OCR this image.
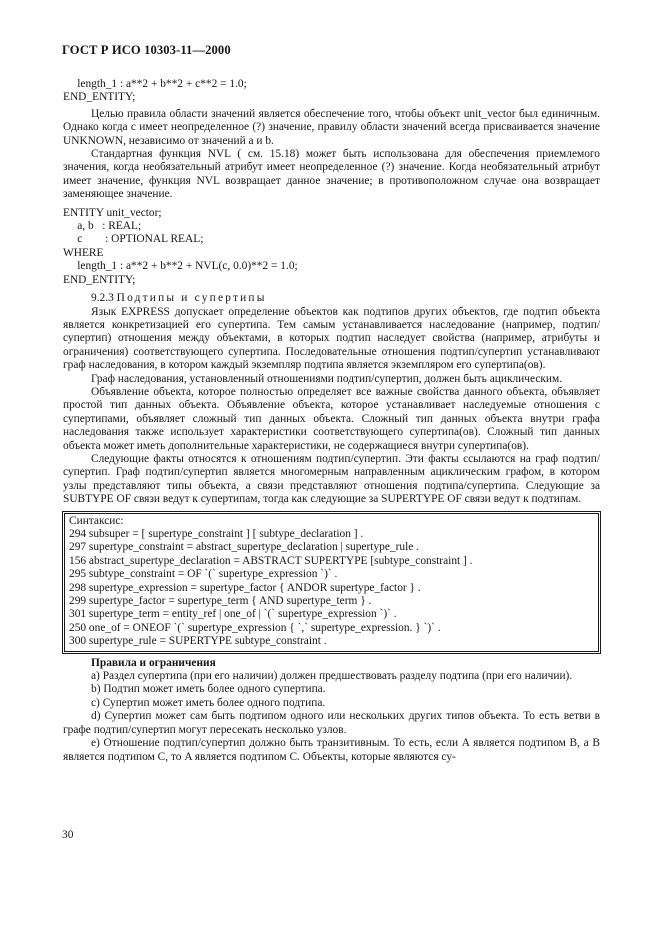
ГОСТ Р ИСО 10303-11—2000
length_1 : a**2 + b**2 + c**2 = 1.0;
END_ENTITY;

Целью правила области значений является обеспечение того, чтобы объект unit_vector был единичным. Однако когда c имеет неопределенное (?) значение, правилу области значений всегда присваивается значение UNKNOWN, независимо от значений a и b.

Стандартная функция NVL ( см. 15.18) может быть использована для обеспечения приемлемого значения, когда необязательный атрибут имеет неопределенное (?) значение. Когда необязательный атрибут имеет значение, функция NVL возвращает данное значение; в противоположном случае она возвращает заменяющее значение.

ENTITY unit_vector;
a, b   : REAL;
c        : OPTIONAL REAL;
WHERE
length_1 : a**2 + b**2 + NVL(c, 0.0)**2 = 1.0;
END_ENTITY;

9.2.3 Подтипы и супертипы

Язык EXPRESS допускает определение объектов как подтипов других объектов, где подтип объекта является конкретизацией его супертипа. Тем самым устанавливается наследование (например, подтип/супертип) отношения между объектами, в которых подтип наследует свойства (например, атрибуты и ограничения) соответствующего супертипа. Последовательные отношения подтип/супертип устанавливают граф наследования, в котором каждый экземпляр подтипа является экземпляром его супертипа(ов).

Граф наследования, установленный отношениями подтип/супертип, должен быть ациклическим.

Объявление объекта, которое полностью определяет все важные свойства данного объекта, объявляет простой тип данных объекта. Объявление объекта, которое устанавливает наследуемые отношения с супертипами, объявляет сложный тип данных объекта. Сложный тип данных объекта внутри графа наследования также использует характеристики соответствующего супертипа(ов). Сложный тип данных объекта может иметь дополнительные характеристики, не содержащиеся внутри супертипа(ов).

Следующие факты относятся к отношениям подтип/супертип. Эти факты ссылаются на граф подтип/супертип. Граф подтип/супертип является многомерным направленным ациклическим графом, в котором узлы представляют типы объекта, а связи представляют отношения подтипа/супертипа. Следующие за SUBTYPE OF связи ведут к супертипам, тогда как следующие за SUPERTYPE OF связи ведут к подтипам.

Синтаксис:
294 subsuper = [ supertype_constraint ] [ subtype_declaration ] .
297 supertype_constraint = abstract_supertype_declaration | supertype_rule .
156 abstract_supertype_declaration = ABSTRACT SUPERTYPE [subtype_constraint ] .
295 subtype_constraint = OF `(` supertype_expression `)` .
298 supertype_expression = supertype_factor { ANDOR supertype_factor } .
299 supertype_factor = supertype_term { AND supertype_term } .
301 supertype_term = entity_ref | one_of | `(` supertype_expression `)` .
250 one_of = ONEOF `(` supertype_expression { `,` supertype_expression. } `)` .
300 supertype_rule = SUPERTYPE subtype_constraint .
Правила и ограничения

a) Раздел супертипа (при его наличии) должен предшествовать разделу подтипа (при его наличии).

b) Подтип может иметь более одного супертипа.

c) Супертип может иметь более одного подтипа.

d) Супертип может сам быть подтипом одного или нескольких других типов объекта. То есть ветви в графе подтип/супертип могут пересекать несколько узлов.

e) Отношение подтип/супертип должно быть транзитивным. То есть, если A является подтипом B, а B является подтипом C, то A является подтипом C. Объекты, которые являются су-

30
